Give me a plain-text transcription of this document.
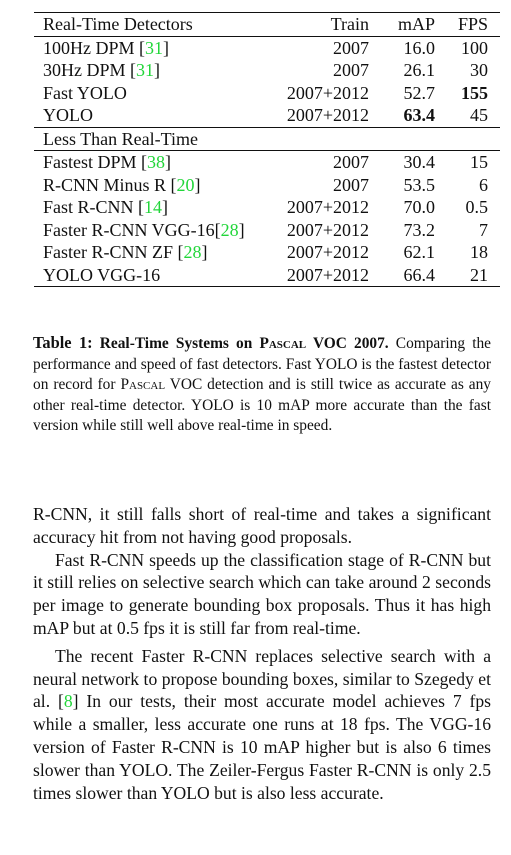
Real-Time Detectors	Train	mAP	FPS
100Hz DPM [31]	2007	16.0	100
30Hz DPM [31]	2007	26.1	30
Fast YOLO	2007+2012	52.7	155
YOLO	2007+2012	63.4	45
Less Than Real-Time			
Fastest DPM [38]	2007	30.4	15
R-CNN Minus R [20]	2007	53.5	6
Fast R-CNN [14]	2007+2012	70.0	0.5
Faster R-CNN VGG-16[28]	2007+2012	73.2	7
Faster R-CNN ZF [28]	2007+2012	62.1	18
YOLO VGG-16	2007+2012	66.4	21
Table 1: Real-Time Systems on Pascal VOC 2007. Comparing the performance and speed of fast detectors. Fast YOLO is the fastest detector on record for Pascal VOC detection and is still twice as accurate as any other real-time detector. YOLO is 10 mAP more accurate than the fast version while still well above real-time in speed.

R-CNN, it still falls short of real-time and takes a significant accuracy hit from not having good proposals.

Fast R-CNN speeds up the classification stage of R-CNN but it still relies on selective search which can take around 2 seconds per image to generate bounding box proposals. Thus it has high mAP but at 0.5 fps it is still far from real-time.

The recent Faster R-CNN replaces selective search with a neural network to propose bounding boxes, similar to Szegedy et al. [8] In our tests, their most accurate model achieves 7 fps while a smaller, less accurate one runs at 18 fps. The VGG-16 version of Faster R-CNN is 10 mAP higher but is also 6 times slower than YOLO. The Zeiler-Fergus Faster R-CNN is only 2.5 times slower than YOLO but is also less accurate.
